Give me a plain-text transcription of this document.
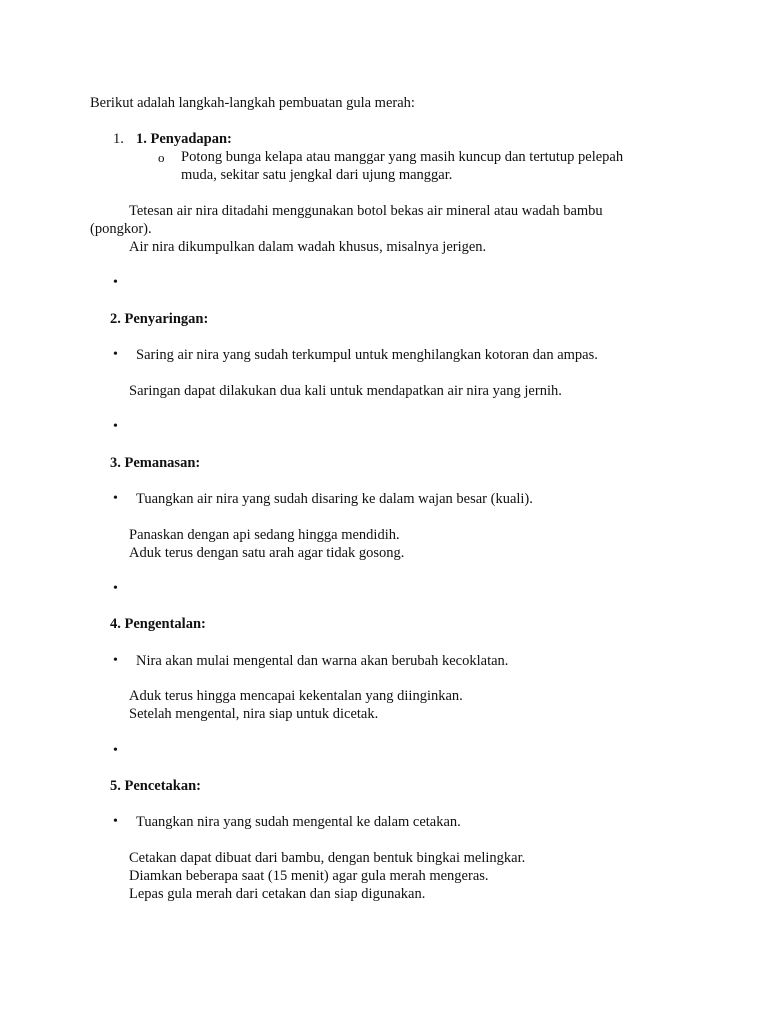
Berikut adalah langkah-langkah pembuatan gula merah:
1. 1. Penyadapan:
o Potong bunga kelapa atau manggar yang masih kuncup dan tertutup pelepah
muda, sekitar satu jengkal dari ujung manggar.
Tetesan air nira ditadahi menggunakan botol bekas air mineral atau wadah bambu
(pongkor).
Air nira dikumpulkan dalam wadah khusus, misalnya jerigen.
•
2. Penyaringan:
• Saring air nira yang sudah terkumpul untuk menghilangkan kotoran dan ampas.
Saringan dapat dilakukan dua kali untuk mendapatkan air nira yang jernih.
•
3. Pemanasan:
• Tuangkan air nira yang sudah disaring ke dalam wajan besar (kuali).
Panaskan dengan api sedang hingga mendidih.
Aduk terus dengan satu arah agar tidak gosong.
•
4. Pengentalan:
• Nira akan mulai mengental dan warna akan berubah kecoklatan.
Aduk terus hingga mencapai kekentalan yang diinginkan.
Setelah mengental, nira siap untuk dicetak.
•
5. Pencetakan:
• Tuangkan nira yang sudah mengental ke dalam cetakan.
Cetakan dapat dibuat dari bambu, dengan bentuk bingkai melingkar.
Diamkan beberapa saat (15 menit) agar gula merah mengeras.
Lepas gula merah dari cetakan dan siap digunakan.
